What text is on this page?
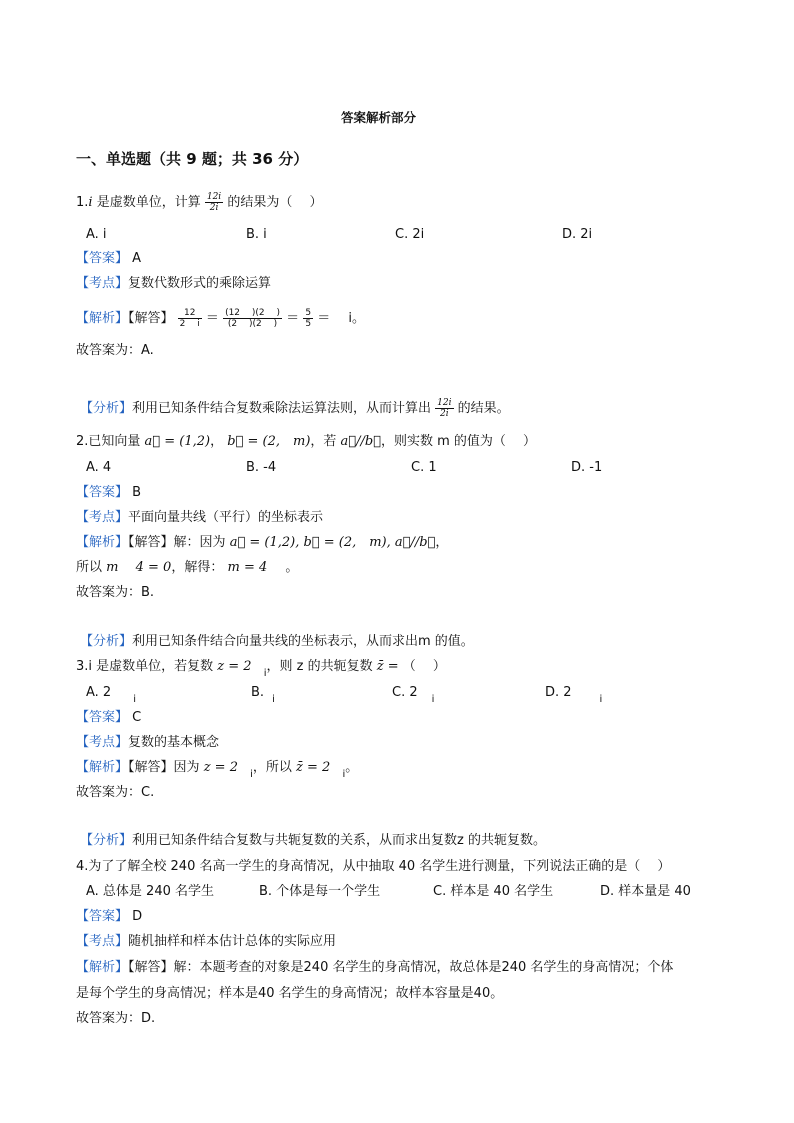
答案解析部分
一、单选题（共 9 题；共 36 分）
1.i 是虚数单位，计算 $\frac{12i}{2i}$ 的结果为（　 ）
A. i	B. i	C. 2i	D. 2i
【答案】 A
【考点】复数代数形式的乘除运算
【解析】【解答】 $\frac{12}{2 i} = \frac{(12 )(2 )}{(2 )(2 )} = \frac{5}{5} = i$。
故答案为：A.
【分析】利用已知条件结合复数乘除法运算法则，从而计算出 $\frac{12i}{2i}$ 的结果。
2.已知向量 a⃗ = (1,2)， b⃗ = (2,　m)，若 a⃗//b⃗，则实数 m 的值为（　 ）
A. 4	B. -4	C. 1	D. -1
【答案】 B
【考点】平面向量共线（平行）的坐标表示
【解析】【解答】解：因为 a⃗ = (1,2), b⃗ = (2,　m), a⃗//b⃗，
所以 m　 4 = 0，解得： m = 4 。
故答案为：B.
【分析】利用已知条件结合向量共线的坐标表示，从而求出m 的值。
3.i 是虚数单位，若复数 z = 2 $_i$，则 z 的共轭复数 z̄ = （　 ）
A. 2 $_i$	B. $_i$	C. 2 $_i$	D. 2	$_i$
【答案】 C
【考点】复数的基本概念
【解析】【解答】因为 z = 2 $_i$，所以 z̄ = 2 $_i$。
故答案为：C.
【分析】利用已知条件结合复数与共轭复数的关系，从而求出复数z 的共轭复数。
4.为了了解全校 240 名高一学生的身高情况，从中抽取 40 名学生进行测量，下列说法正确的是（　 ）
A. 总体是 240 名学生	B. 个体是每一个学生	C. 样本是 40 名学生	D. 样本量是 40
【答案】 D
【考点】随机抽样和样本估计总体的实际应用
【解析】【解答】解：本题考查的对象是240 名学生的身高情况，故总体是240 名学生的身高情况；个体
是每个学生的身高情况；样本是40 名学生的身高情况；故样本容量是40。
故答案为：D.
